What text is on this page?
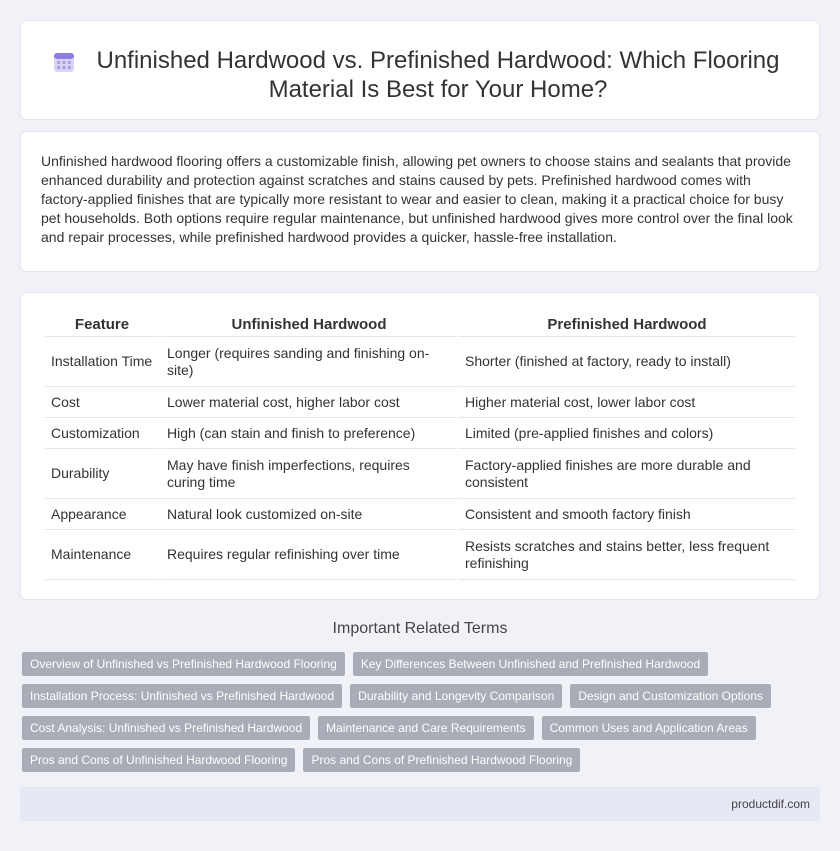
Unfinished Hardwood vs. Prefinished Hardwood: Which Flooring Material Is Best for Your Home?

Unfinished hardwood flooring offers a customizable finish, allowing pet owners to choose stains and sealants that provide enhanced durability and protection against scratches and stains caused by pets. Prefinished hardwood comes with factory-applied finishes that are typically more resistant to wear and easier to clean, making it a practical choice for busy pet households. Both options require regular maintenance, but unfinished hardwood gives more control over the final look and repair processes, while prefinished hardwood provides a quicker, hassle-free installation.

Feature	Unfinished Hardwood	Prefinished Hardwood
Installation Time	Longer (requires sanding and finishing on-site)	Shorter (finished at factory, ready to install)
Cost	Lower material cost, higher labor cost	Higher material cost, lower labor cost
Customization	High (can stain and finish to preference)	Limited (pre-applied finishes and colors)
Durability	May have finish imperfections, requires curing time	Factory-applied finishes are more durable and consistent
Appearance	Natural look customized on-site	Consistent and smooth factory finish
Maintenance	Requires regular refinishing over time	Resists scratches and stains better, less frequent refinishing
Important Related Terms
Overview of Unfinished vs Prefinished Hardwood Flooring	Key Differences Between Unfinished and Prefinished Hardwood
Installation Process: Unfinished vs Prefinished Hardwood	Durability and Longevity Comparison	Design and Customization Options
Cost Analysis: Unfinished vs Prefinished Hardwood	Maintenance and Care Requirements	Common Uses and Application Areas
Pros and Cons of Unfinished Hardwood Flooring	Pros and Cons of Prefinished Hardwood Flooring
productdif.com
